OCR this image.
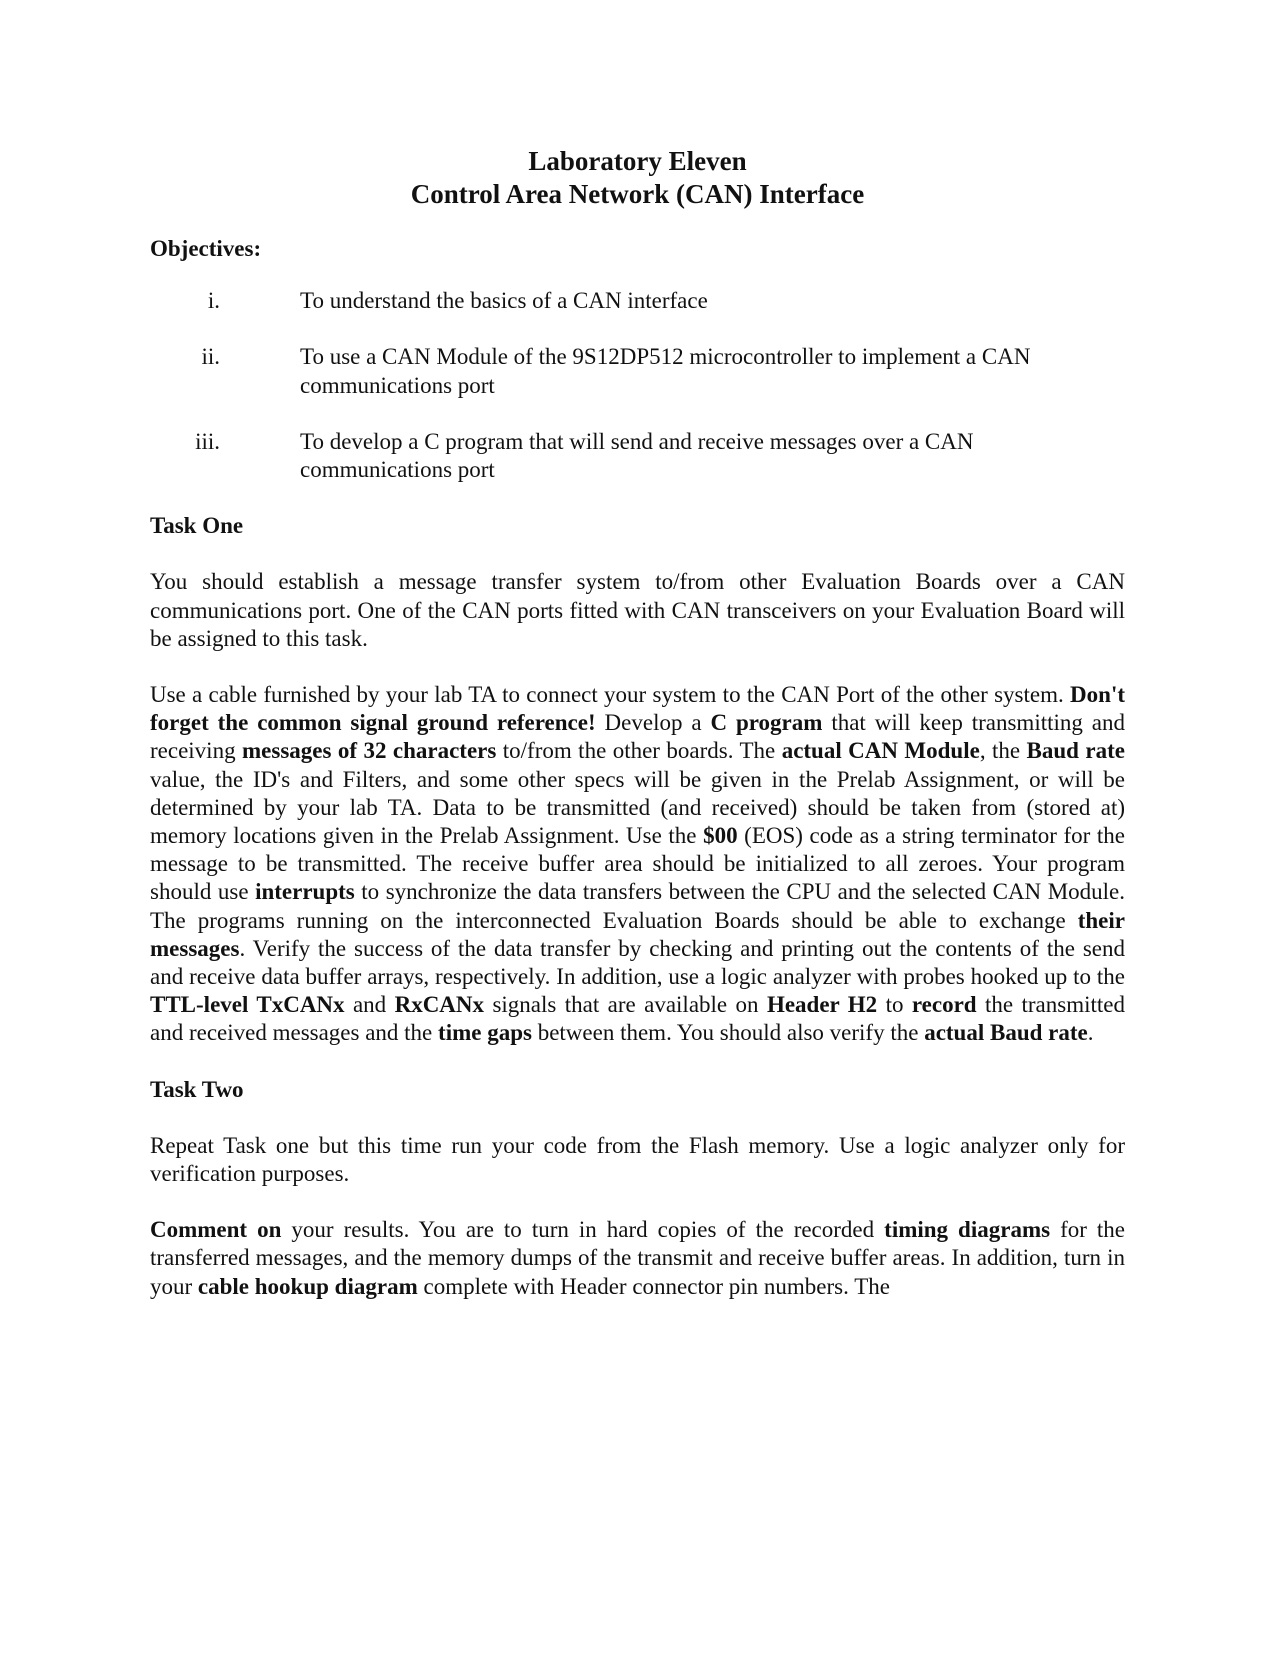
Laboratory Eleven
Control Area Network (CAN) Interface

Objectives:

i.	To understand the basics of a CAN interface
ii.	To use a CAN Module of the 9S12DP512 microcontroller to implement a CAN communications port
iii.	To develop a C program that will send and receive messages over a CAN communications port

Task One

You should establish a message transfer system to/from other Evaluation Boards over a CAN communications port. One of the CAN ports fitted with CAN transceivers on your Evaluation Board will be assigned to this task.

Use a cable furnished by your lab TA to connect your system to the CAN Port of the other system. Don't forget the common signal ground reference! Develop a C program that will keep transmitting and receiving messages of 32 characters to/from the other boards. The actual CAN Module, the Baud rate value, the ID's and Filters, and some other specs will be given in the Prelab Assignment, or will be determined by your lab TA. Data to be transmitted (and received) should be taken from (stored at) memory locations given in the Prelab Assignment. Use the $00 (EOS) code as a string terminator for the message to be transmitted. The receive buffer area should be initialized to all zeroes. Your program should use interrupts to synchronize the data transfers between the CPU and the selected CAN Module. The programs running on the interconnected Evaluation Boards should be able to exchange their messages. Verify the success of the data transfer by checking and printing out the contents of the send and receive data buffer arrays, respectively. In addition, use a logic analyzer with probes hooked up to the TTL-level TxCANx and RxCANx signals that are available on Header H2 to record the transmitted and received messages and the time gaps between them. You should also verify the actual Baud rate.

Task Two

Repeat Task one but this time run your code from the Flash memory. Use a logic analyzer only for verification purposes.

Comment on your results. You are to turn in hard copies of the recorded timing diagrams for the transferred messages, and the memory dumps of the transmit and receive buffer areas. In addition, turn in your cable hookup diagram complete with Header connector pin numbers. The
